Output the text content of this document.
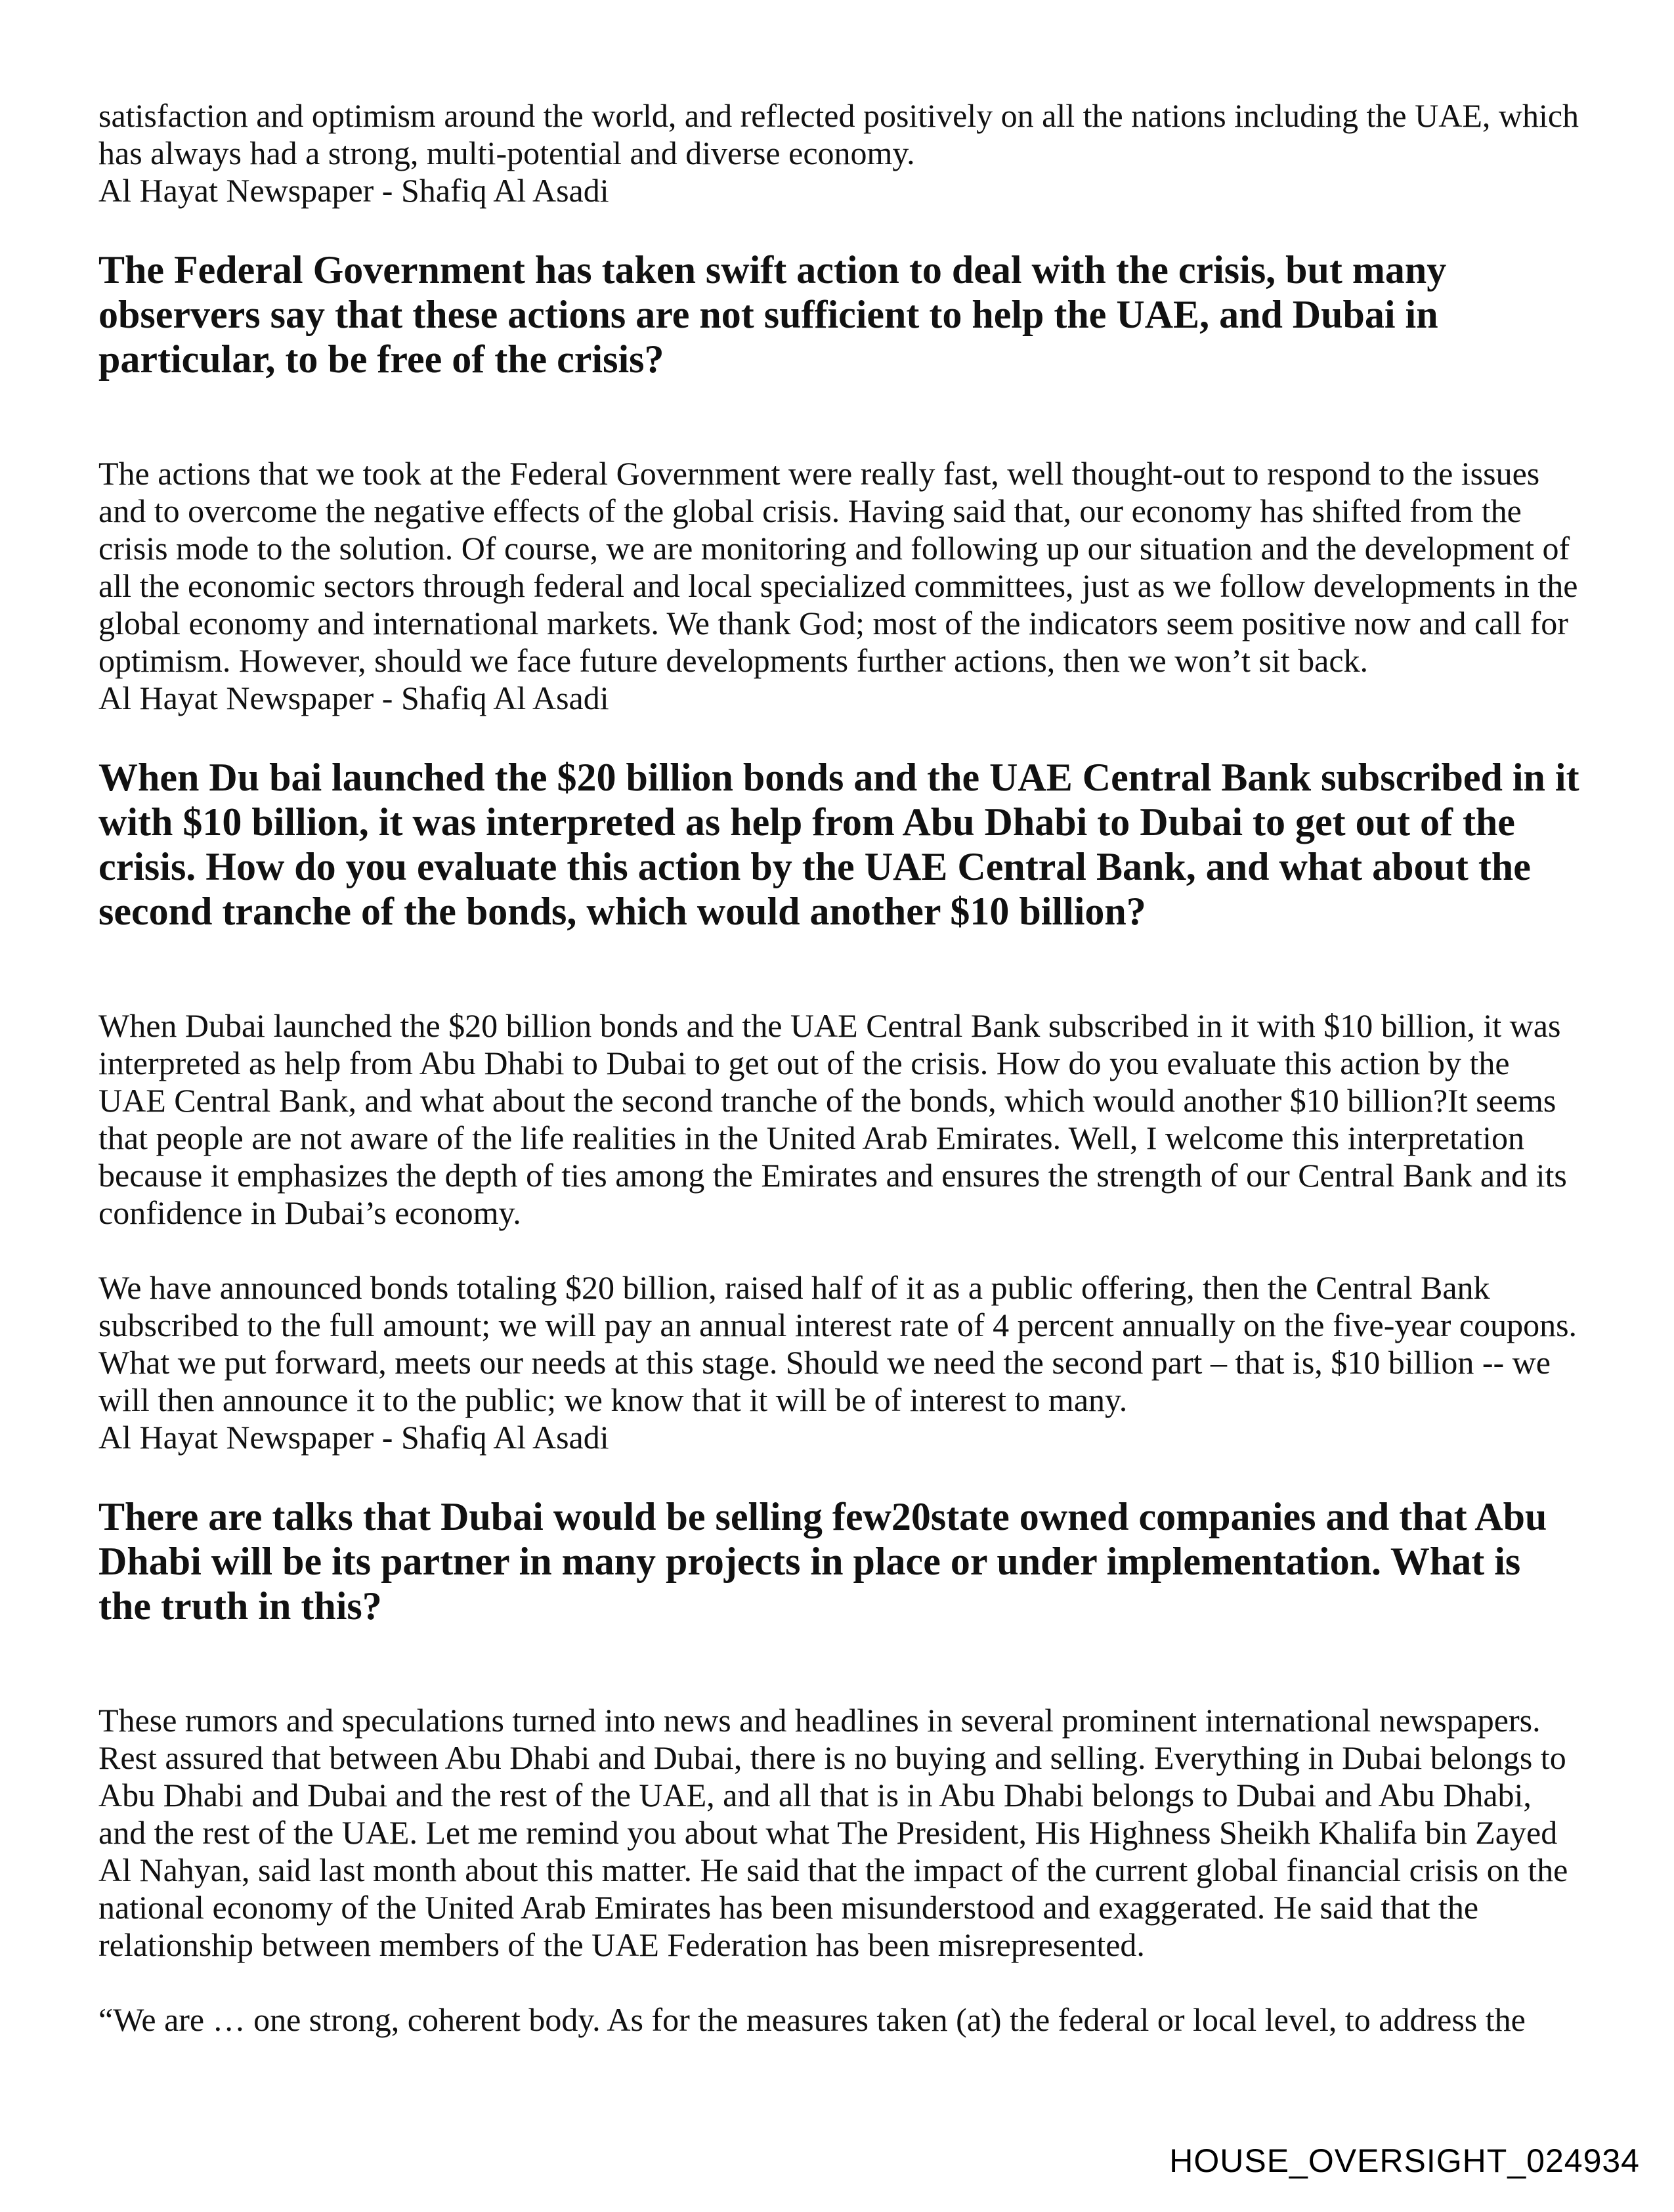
satisfaction and optimism around the world, and reflected positively on all the nations including the UAE, which has always had a strong, multi-potential and diverse economy.

Al Hayat Newspaper - Shafiq Al Asadi

The Federal Government has taken swift action to deal with the crisis, but many observers say that these actions are not sufficient to help the UAE, and Dubai in particular, to be free of the crisis?

The actions that we took at the Federal Government were really fast, well thought-out to respond to the issues and to overcome the negative effects of the global crisis. Having said that, our economy has shifted from the crisis mode to the solution. Of course, we are monitoring and following up our situation and the development of all the economic sectors through federal and local specialized committees, just as we follow developments in the global economy and international markets. We thank God; most of the indicators seem positive now and call for optimism. However, should we face future developments further actions, then we won’t sit back.

Al Hayat Newspaper - Shafiq Al Asadi

When Du bai launched the $20 billion bonds and the UAE Central Bank subscribed in it with $10 billion, it was interpreted as help from Abu Dhabi to Dubai to get out of the crisis. How do you evaluate this action by the UAE Central Bank, and what about the second tranche of the bonds, which would another $10 billion?

When Dubai launched the $20 billion bonds and the UAE Central Bank subscribed in it with $10 billion, it was interpreted as help from Abu Dhabi to Dubai to get out of the crisis. How do you evaluate this action by the UAE Central Bank, and what about the second tranche of the bonds, which would another $10 billion?It seems that people are not aware of the life realities in the United Arab Emirates. Well, I welcome this interpretation because it emphasizes the depth of ties among the Emirates and ensures the strength of our Central Bank and its confidence in Dubai’s economy.

We have announced bonds totaling $20 billion, raised half of it as a public offering, then the Central Bank subscribed to the full amount; we will pay an annual interest rate of 4 percent annually on the five-year coupons. What we put forward, meets our needs at this stage. Should we need the second part – that is, $10 billion -- we will then announce it to the public; we know that it will be of interest to many.

Al Hayat Newspaper - Shafiq Al Asadi

There are talks that Dubai would be selling few20state owned companies and that Abu Dhabi will be its partner in many projects in place or under implementation. What is the truth in this?

These rumors and speculations turned into news and headlines in several prominent international newspapers. Rest assured that between Abu Dhabi and Dubai, there is no buying and selling. Everything in Dubai belongs to Abu Dhabi and Dubai and the rest of the UAE, and all that is in Abu Dhabi belongs to Dubai and Abu Dhabi, and the rest of the UAE. Let me remind you about what The President, His Highness Sheikh Khalifa bin Zayed Al Nahyan, said last month about this matter. He said that the impact of the current global financial crisis on the national economy of the United Arab Emirates has been misunderstood and exaggerated. He said that the relationship between members of the UAE Federation has been misrepresented.

“We are … one strong, coherent body. As for the measures taken (at) the federal or local level, to address the

HOUSE_OVERSIGHT_024934
